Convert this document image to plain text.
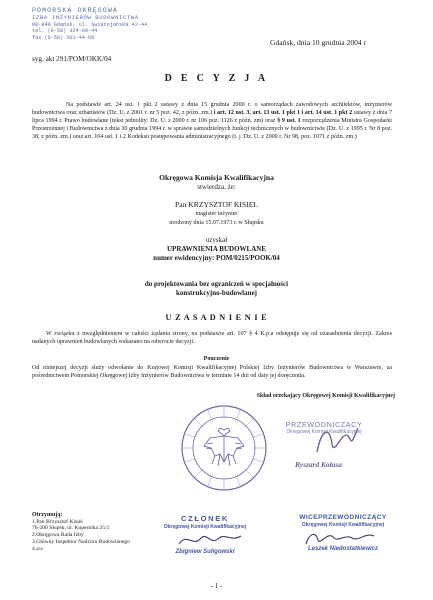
POMORSKA OKRĘGOWA
IZBA INŻYNIERÓW BUDOWNICTWA
80-840 Gdańsk, ul. Świętojańska 42-44
tel. (0-58) 324-09-44
fax (0-58) 301-44-68	Gdańsk, dnia 10 grudnia 2004 r
syg. akt 291/POM/OKK/04
D E C Y Z J A
Na podstawie art. 24 ust. 1 pkt 2 ustawy z dnia 15 grudnia 2000 r. o samorządach zawodowych architektów, inżynierów budownictwa oraz urbanistów (Dz. U. z 2001 r. nr 5 poz. 42, z późn. zm.) i art. 12 ust. 3, art. 13 ust. 1 pkt 1 i art. 14 ust. 1 pkt 2 ustawy z dnia 7 lipca 1994 r. Prawo budowlane (tekst jednolity: Dz. U. z 2000 r. nr 106 poz. 1126 z późn. zm) oraz § 9 ust. 1 rozporządzenia Ministra Gospodarki Przestrzennej i Budownictwa z dnia 30 grudnia 1994 r. w sprawie samodzielnych funkcji technicznych w budownictwie (Dz. U. z 1995 r. Nr 8 poz. 38, z późn. zm.) oraz art. 104 ust. 1 i 2 Kodeksu postępowania administracyjnego (t. j. Dz. U. z 2000 r. Nr 98, poz. 1071 z późn. zm.)
Okręgowa Komisja Kwalifikacyjna
stwierdza, że:
Pan KRZYSZTOF KISIEL
magister inżynier
urodzony dnia 15.07.1973 r. w Słupsku
uzyskał
UPRAWNIENIA BUDOWLANE
numer ewidencyjny: POM/0215/POOK/04
do projektowania bez ograniczeń w specjalności
konstrukcyjno-budowlanej
U Z A S A D N I E N I E
W związku z uwzględnieniem w całości żądania strony, na podstawie art. 107 § 4 K.p.a odstępuje się od uzasadnienia decyzji. Zakres nadanych uprawnień budowlanych wskazano na odwrocie decyzji.
Pouczenie
Od niniejszej decyzji służy odwołanie do Krajowej Komisji Kwalifikacyjnej Polskiej Izby Inżynierów Budownictwa w Warszawie, za pośrednictwem Pomorskiej Okręgowej Izby Inżynierów Budownictwa w terminie 14 dni od daty jej doręczenia.
Skład orzekający Okręgowej Komisji Kwalifikacyjnej
PRZEWODNICZĄCY
Okręgowej Komisji Kwalifikacyjnej
Ryszard Kołasa
Otrzymują:
1.Pan Krzysztof Kisiel
76-200 Słupsk, ul. Kopernika 25/1
2.Okręgowa Rada Izby
3.Główny Inspektor Nadzoru Budowlanego
4.a/a
CZŁONEK
Okręgowej Komisji Kwalifikacyjnej
Zbigniew Suligowski
WICEPRZEWODNICZĄCY
Okręgowej Komisji Kwalifikacyjnej
Leszek Niedostatkiewicz
- 1 -
